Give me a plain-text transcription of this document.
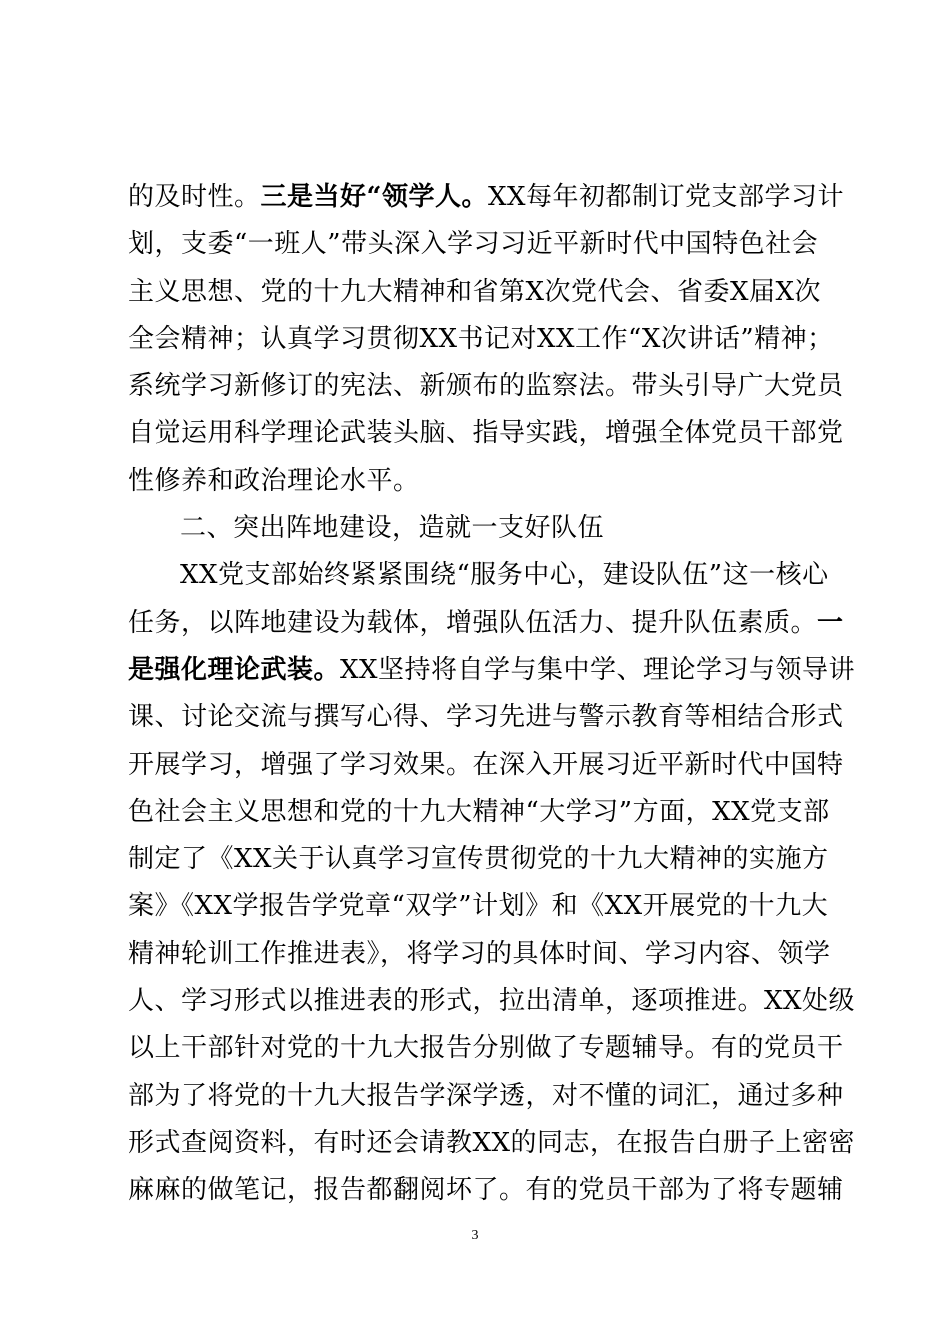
的及时性。三是当好“领学人。XX每年初都制订党支部学习计
划，支委“一班人”带头深入学习习近平新时代中国特色社会
主义思想、党的十九大精神和省第X次党代会、省委X届X次
全会精神；认真学习贯彻XX书记对XX工作“X次讲话”精神；
系统学习新修订的宪法、新颁布的监察法。带头引导广大党员
自觉运用科学理论武装头脑、指导实践，增强全体党员干部党
性修养和政治理论水平。
二、突出阵地建设，造就一支好队伍
XX党支部始终紧紧围绕“服务中心，建设队伍”这一核心
任务，以阵地建设为载体，增强队伍活力、提升队伍素质。一
是强化理论武装。XX坚持将自学与集中学、理论学习与领导讲
课、讨论交流与撰写心得、学习先进与警示教育等相结合形式
开展学习，增强了学习效果。在深入开展习近平新时代中国特
色社会主义思想和党的十九大精神“大学习”方面，XX党支部
制定了《XX关于认真学习宣传贯彻党的十九大精神的实施方
案》《XX学报告学党章“双学”计划》和《XX开展党的十九大
精神轮训工作推进表》，将学习的具体时间、学习内容、领学
人、学习形式以推进表的形式，拉出清单，逐项推进。XX处级
以上干部针对党的十九大报告分别做了专题辅导。有的党员干
部为了将党的十九大报告学深学透，对不懂的词汇，通过多种
形式查阅资料，有时还会请教XX的同志，在报告白册子上密密
麻麻的做笔记，报告都翻阅坏了。有的党员干部为了将专题辅
3
